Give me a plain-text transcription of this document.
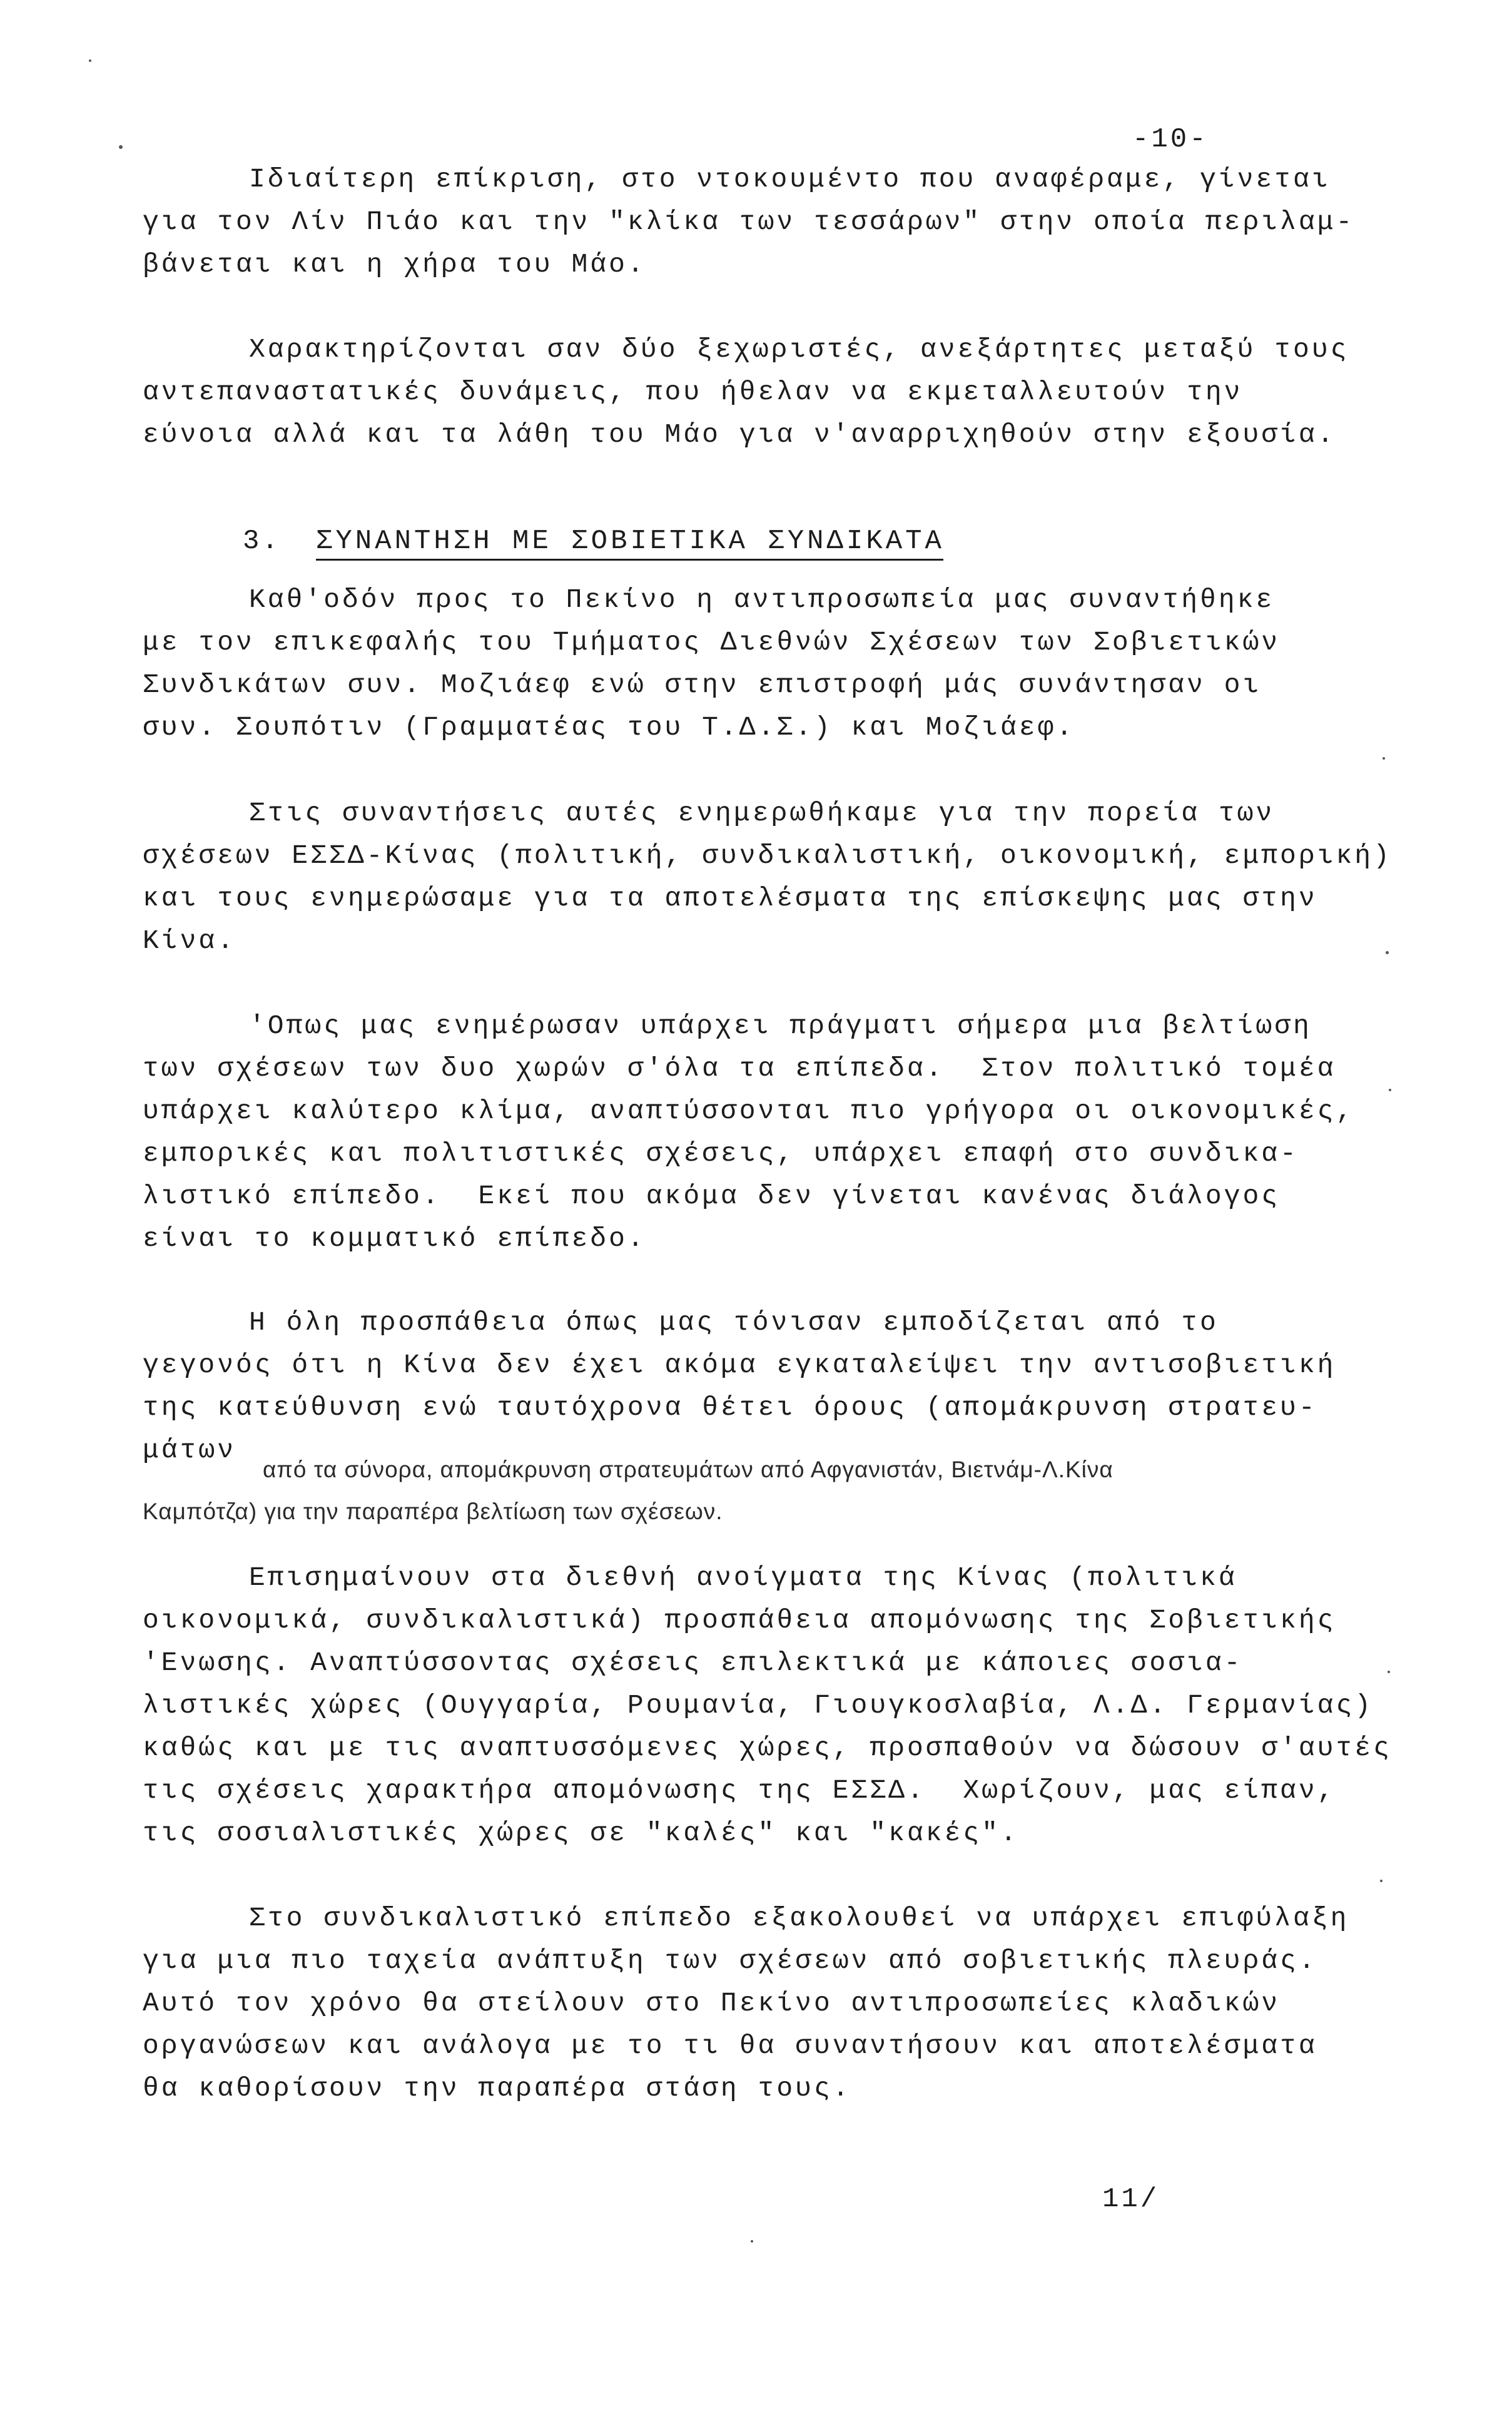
-10-
Ιδιαίτερη επίκριση, στο ντοκουμέντο που αναφέραμε, γίνεται
για τον Λίν Πιάο και την "κλίκα των τεσσάρων" στην οποία περιλαμ-
βάνεται και η χήρα του Μάο.
Χαρακτηρίζονται σαν δύο ξεχωριστές, ανεξάρτητες μεταξύ τους
αντεπαναστατικές δυνάμεις, που ήθελαν να εκμεταλλευτούν την
εύνοια αλλά και τα λάθη του Μάο για ν'αναρριχηθούν στην εξουσία.
3. ΣΥΝΑΝΤΗΣΗ ΜΕ ΣΟΒΙΕΤΙΚΑ ΣΥΝΔΙΚΑΤΑ
Καθ'οδόν προς το Πεκίνο η αντιπροσωπεία μας συναντήθηκε
με τον επικεφαλής του Τμήματος Διεθνών Σχέσεων των Σοβιετικών
Συνδικάτων συν. Μοζιάεφ ενώ στην επιστροφή μάς συνάντησαν οι
συν. Σουπότιν (Γραμματέας του Τ.Δ.Σ.) και Μοζιάεφ.
Στις συναντήσεις αυτές ενημερωθήκαμε για την πορεία των
σχέσεων ΕΣΣΔ-Κίνας (πολιτική, συνδικαλιστική, οικονομική, εμπορική)
και τους ενημερώσαμε για τα αποτελέσματα της επίσκεψης μας στην
Κίνα.
'Οπως μας ενημέρωσαν υπάρχει πράγματι σήμερα μια βελτίωση
των σχέσεων των δυο χωρών σ'όλα τα επίπεδα.  Στον πολιτικό τομέα
υπάρχει καλύτερο κλίμα, αναπτύσσονται πιο γρήγορα οι οικονομικές,
εμπορικές και πολιτιστικές σχέσεις, υπάρχει επαφή στο συνδικα-
λιστικό επίπεδο.  Εκεί που ακόμα δεν γίνεται κανένας διάλογος
είναι το κομματικό επίπεδο.
Η όλη προσπάθεια όπως μας τόνισαν εμποδίζεται από το
γεγονός ότι η Κίνα δεν έχει ακόμα εγκαταλείψει την αντισοβιετική
της κατεύθυνση ενώ ταυτόχρονα θέτει όρους (απομάκρυνση στρατευ-
μάτων
από τα σύνορα, απομάκρυνση στρατευμάτων από Αφγανιστάν, Βιετνάμ-Λ.Κίνα
Καμπότζα) για την παραπέρα βελτίωση των σχέσεων.
Επισημαίνουν στα διεθνή ανοίγματα της Κίνας (πολιτικά
οικονομικά, συνδικαλιστικά) προσπάθεια απομόνωσης της Σοβιετικής
'Ενωσης. Αναπτύσσοντας σχέσεις επιλεκτικά με κάποιες σοσια-
λιστικές χώρες (Ουγγαρία, Ρουμανία, Γιουγκοσλαβία, Λ.Δ. Γερμανίας)
καθώς και με τις αναπτυσσόμενες χώρες, προσπαθούν να δώσουν σ'αυτές
τις σχέσεις χαρακτήρα απομόνωσης της ΕΣΣΔ.  Χωρίζουν, μας είπαν,
τις σοσιαλιστικές χώρες σε "καλές" και "κακές".
Στο συνδικαλιστικό επίπεδο εξακολουθεί να υπάρχει επιφύλαξη
για μια πιο ταχεία ανάπτυξη των σχέσεων από σοβιετικής πλευράς.
Αυτό τον χρόνο θα στείλουν στο Πεκίνο αντιπροσωπείες κλαδικών
οργανώσεων και ανάλογα με το τι θα συναντήσουν και αποτελέσματα
θα καθορίσουν την παραπέρα στάση τους.
11/
